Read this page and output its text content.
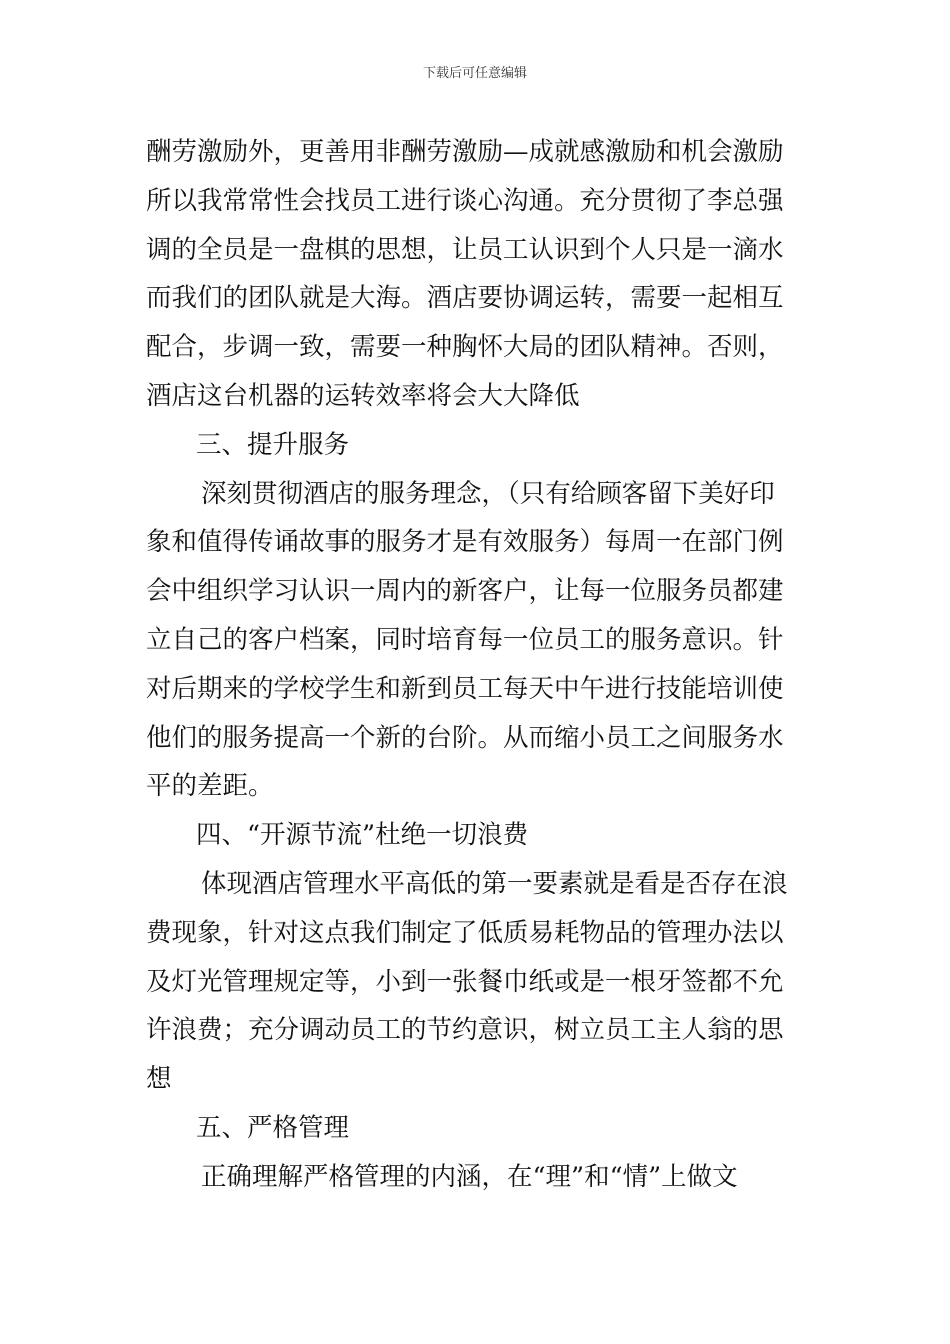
下载后可任意编辑
酬劳激励外，更善用非酬劳激励—成就感激励和机会激励
所以我常常性会找员工进行谈心沟通。充分贯彻了李总强
调的全员是一盘棋的思想，让员工认识到个人只是一滴水
而我们的团队就是大海。酒店要协调运转，需要一起相互
配合，步调一致，需要一种胸怀大局的团队精神。否则，
酒店这台机器的运转效率将会大大降低
三、提升服务
深刻贯彻酒店的服务理念，（只有给顾客留下美好印
象和值得传诵故事的服务才是有效服务）每周一在部门例
会中组织学习认识一周内的新客户，让每一位服务员都建
立自己的客户档案，同时培育每一位员工的服务意识。针
对后期来的学校学生和新到员工每天中午进行技能培训使
他们的服务提高一个新的台阶。从而缩小员工之间服务水
平的差距。
四、“开源节流”杜绝一切浪费
体现酒店管理水平高低的第一要素就是看是否存在浪
费现象，针对这点我们制定了低质易耗物品的管理办法以
及灯光管理规定等，小到一张餐巾纸或是一根牙签都不允
许浪费；充分调动员工的节约意识，树立员工主人翁的思
想
五、严格管理
正确理解严格管理的内涵，在“理”和“情”上做文
